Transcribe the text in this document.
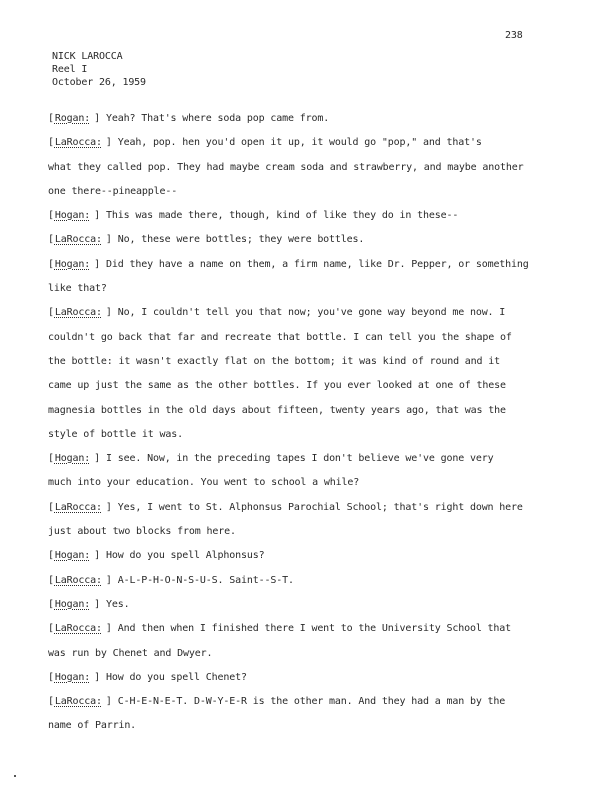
238
NICK LAROCCA
Reel I
October 26, 1959
[ Rogan: ] Yeah? That's where soda pop came from.
[ LaRocca: ] Yeah, pop. hen you'd open it up, it would go "pop," and that's
what they called pop. They had maybe cream soda and strawberry, and maybe another
one there--pineapple--
[ Hogan: ] This was made there, though, kind of like they do in these--
[ LaRocca: ] No, these were bottles; they were bottles.
[ Hogan: ] Did they have a name on them, a firm name, like Dr. Pepper, or something
like that?
[ LaRocca: ] No, I couldn't tell you that now; you've gone way beyond me now. I
couldn't go back that far and recreate that bottle. I can tell you the shape of
the bottle: it wasn't exactly flat on the bottom; it was kind of round and it
came up just the same as the other bottles. If you ever looked at one of these
magnesia bottles in the old days about fifteen, twenty years ago, that was the
style of bottle it was.
[ Hogan: ] I see. Now, in the preceding tapes I don't believe we've gone very
much into your education. You went to school a while?
[ LaRocca: ] Yes, I went to St. Alphonsus Parochial School; that's right down here
just about two blocks from here.
[ Hogan: ] How do you spell Alphonsus?
[ LaRocca: ] A-L-P-H-O-N-S-U-S. Saint--S-T.
[ Hogan: ] Yes.
[ LaRocca: ] And then when I finished there I went to the University School that
was run by Chenet and Dwyer.
[ Hogan: ] How do you spell Chenet?
[ LaRocca: ] C-H-E-N-E-T. D-W-Y-E-R is the other man. And they had a man by the
name of Parrin.
